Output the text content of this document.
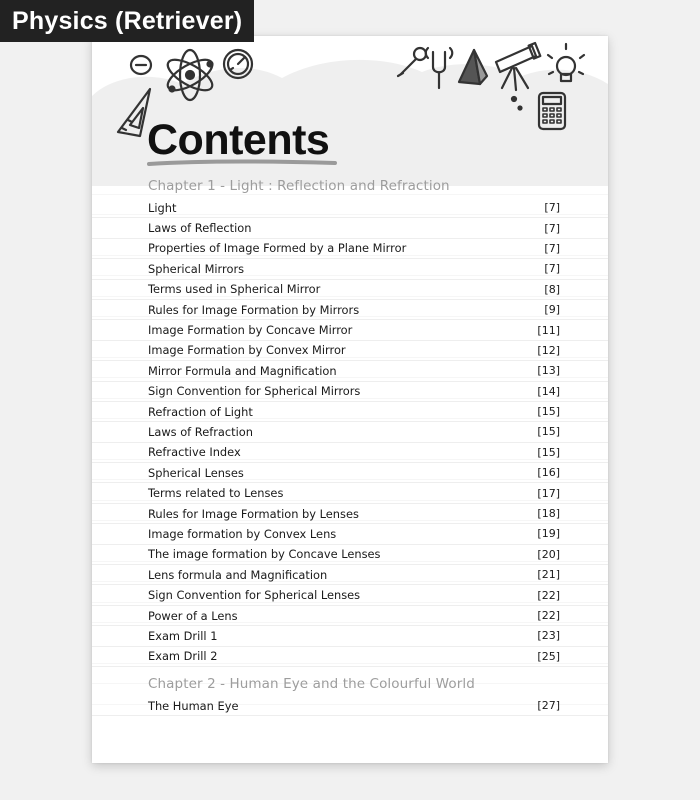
Physics (Retriever)
Contents
Chapter 1 - Light : Reflection and Refraction
Light	[7]
Laws of Reflection	[7]
Properties of Image Formed by a Plane Mirror	[7]
Spherical Mirrors	[7]
Terms used in Spherical Mirror	[8]
Rules for Image Formation by Mirrors	[9]
Image Formation by Concave Mirror	[11]
Image Formation by Convex Mirror	[12]
Mirror Formula and Magnification	[13]
Sign Convention for Spherical Mirrors	[14]
Refraction of Light	[15]
Laws of Refraction	[15]
Refractive Index	[15]
Spherical Lenses	[16]
Terms related to Lenses	[17]
Rules for Image Formation by Lenses	[18]
Image formation by Convex Lens	[19]
The image formation by Concave Lenses	[20]
Lens formula and Magnification	[21]
Sign Convention for Spherical Lenses	[22]
Power of a Lens	[22]
Exam Drill 1	[23]
Exam Drill 2	[25]
Chapter 2 - Human Eye and the Colourful World
The Human Eye	[27]
